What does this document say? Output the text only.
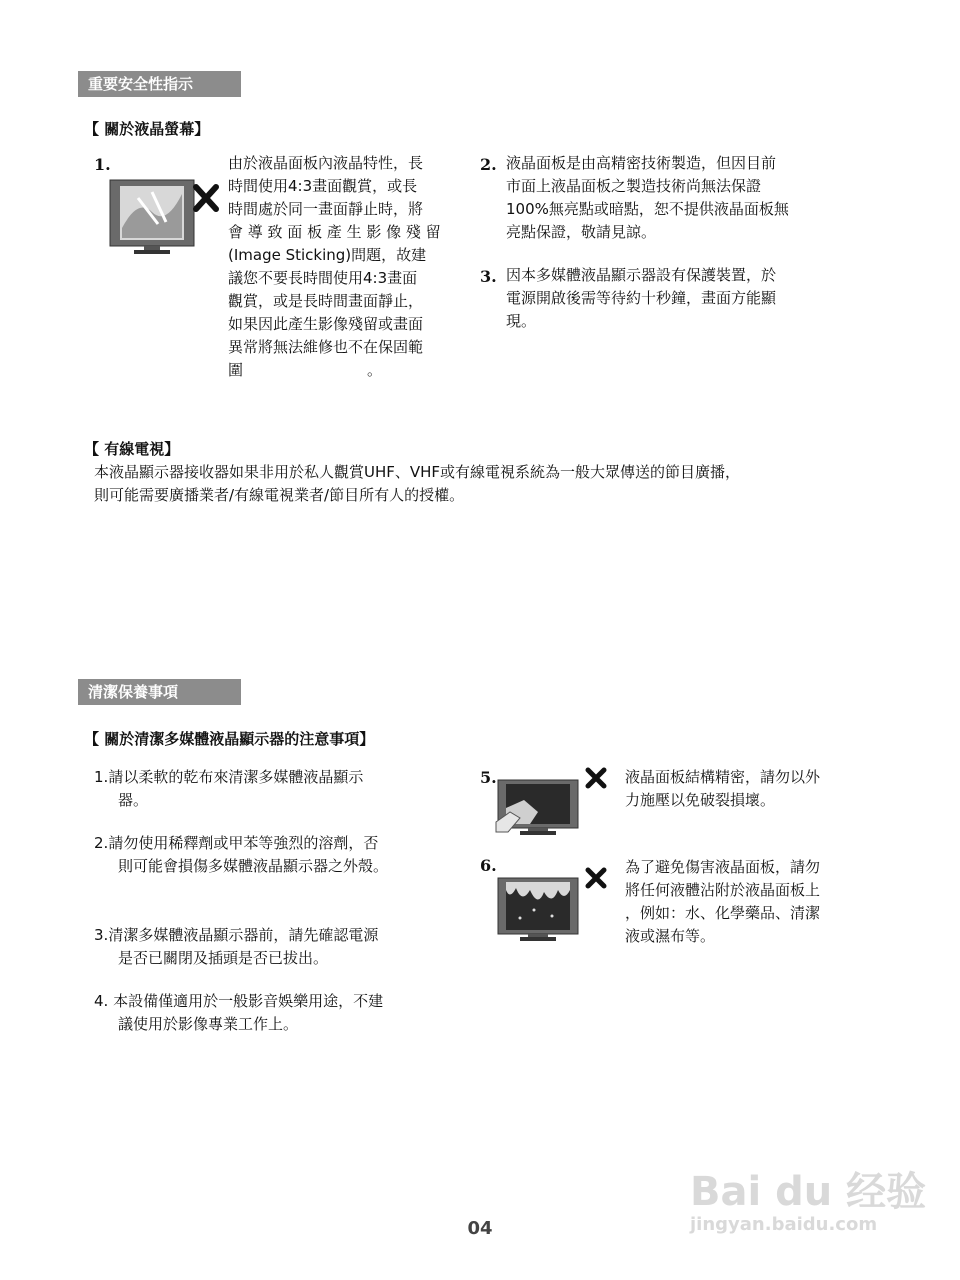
重要安全性指示
【 關於液晶螢幕】
1.	由於液晶面板內液晶特性，長
時間使用4:3畫面觀賞，或長
時間處於同一畫面靜止時，將
會 導 致 面 板 產 生 影 像 殘 留
(Image Sticking)問題，故建
議您不要長時間使用4:3畫面
觀賞，或是長時間畫面靜止，
如果因此產生影像殘留或畫面
異常將無法維修也不在保固範
圍                          。
2. 液晶面板是由高精密技術製造，但因目前
市面上液晶面板之製造技術尚無法保證
100%無亮點或暗點，恕不提供液晶面板無
亮點保證，敬請見諒。
3. 因本多媒體液晶顯示器設有保護裝置，於
電源開啟後需等待約十秒鐘，畫面方能顯
現。
【 有線電視】
本液晶顯示器接收器如果非用於私人觀賞UHF、VHF或有線電視系統為一般大眾傳送的節目廣播，
則可能需要廣播業者/有線電視業者/節目所有人的授權。
清潔保養事項
【 關於清潔多媒體液晶顯示器的注意事項】
1.請以柔軟的乾布來清潔多媒體液晶顯示
器。
2.請勿使用稀釋劑或甲苯等強烈的溶劑，否
則可能會損傷多媒體液晶顯示器之外殼。
3.清潔多媒體液晶顯示器前，請先確認電源
是否已關閉及插頭是否已拔出。
4. 本設備僅適用於一般影音娛樂用途，不建
議使用於影像專業工作上。
5.	液晶面板結構精密，請勿以外
力施壓以免破裂損壞。
6.	為了避免傷害液晶面板，請勿
將任何液體沾附於液晶面板上
，例如：水、化學藥品、清潔
液或濕布等。
Bai du 经验
jingyan.baidu.com
04
